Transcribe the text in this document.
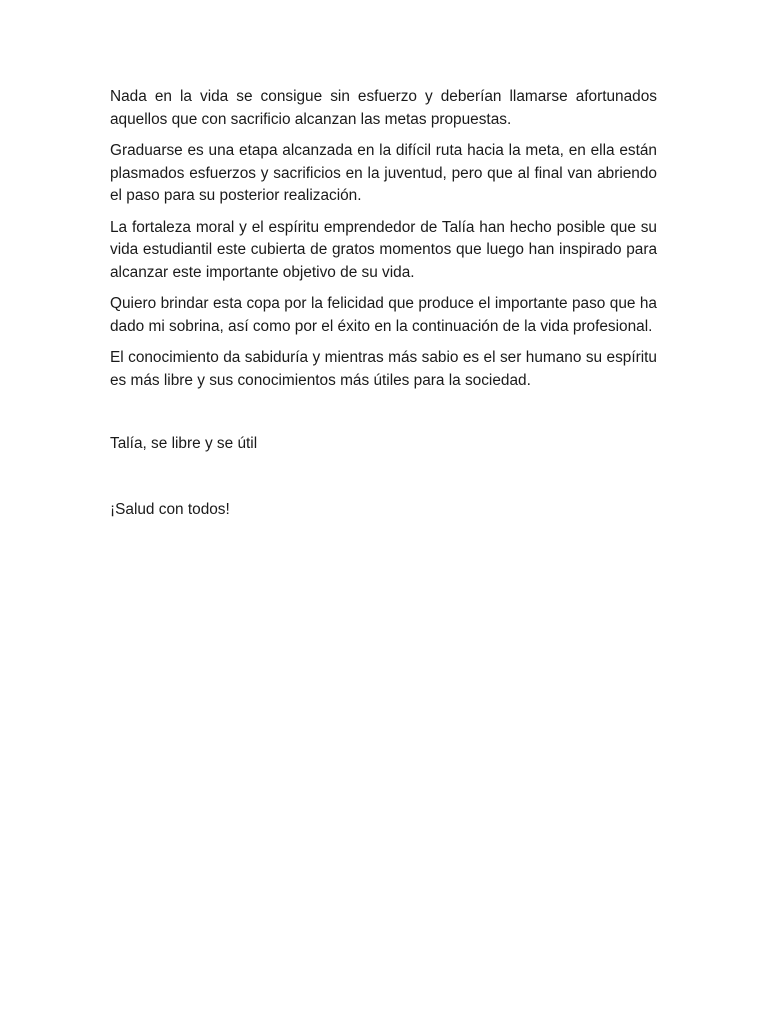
Nada en la vida se consigue sin esfuerzo y deberían llamarse afortunados aquellos que con sacrificio alcanzan las metas propuestas.

Graduarse es una etapa alcanzada en la difícil ruta hacia la meta, en ella están plasmados esfuerzos y sacrificios en la juventud, pero que al final van abriendo el paso para su posterior realización.

La fortaleza moral y el espíritu emprendedor de Talía han hecho posible que su vida estudiantil este cubierta de gratos momentos que luego han inspirado para alcanzar este importante objetivo de su vida.

Quiero brindar esta copa por la felicidad que produce el importante paso que ha dado mi sobrina, así como por el éxito en la continuación de la vida profesional.

El conocimiento da sabiduría y mientras más sabio es el ser humano su espíritu es más libre y sus conocimientos más útiles para la sociedad.

Talía, se libre y se útil

¡Salud con todos!
